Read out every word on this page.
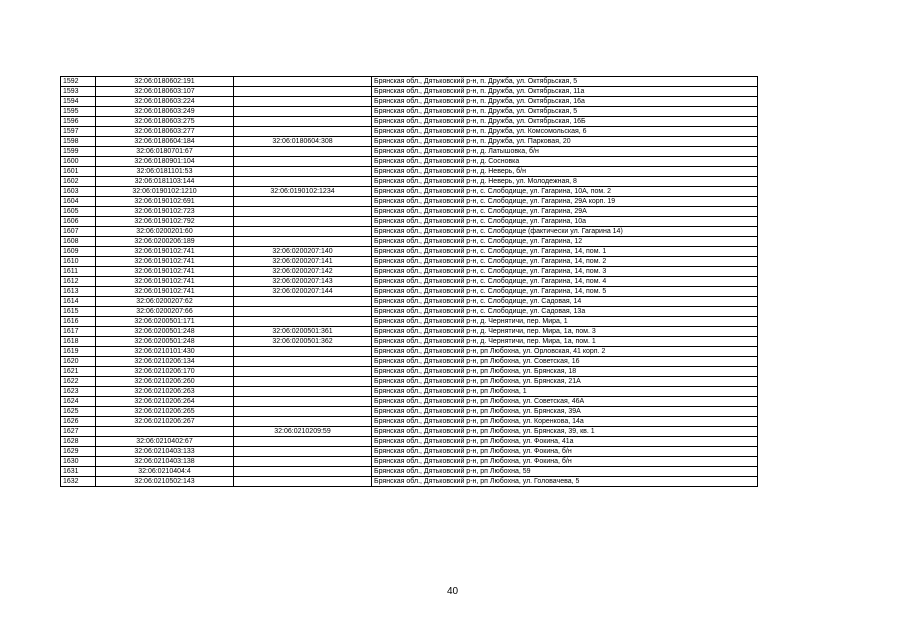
1592	32:06:0180602:191		Брянская обл., Дятьковский р-н, п. Дружба, ул. Октябрьская, 5
1593	32:06:0180603:107		Брянская обл., Дятьковский р-н, п. Дружба, ул. Октябрьская, 11а
1594	32:06:0180603:224		Брянская обл., Дятьковский р-н, п. Дружба, ул. Октябрьская, 16а
1595	32:06:0180603:249		Брянская обл., Дятьковский р-н, п. Дружба, ул. Октябрьская, 5
1596	32:06:0180603:275		Брянская обл., Дятьковский р-н, п. Дружба, ул. Октябрьская, 16Б
1597	32:06:0180603:277		Брянская обл., Дятьковский р-н, п. Дружба, ул. Комсомольская, 6
1598	32:06:0180604:184	32:06:0180604:308	Брянская обл., Дятьковский р-н, п. Дружба, ул. Парковая, 20
1599	32:06:0180701:67		Брянская обл., Дятьковский р-н, д. Латышовка, б/н
1600	32:06:0180901:104		Брянская обл., Дятьковский р-н, д. Сосновка
1601	32:06:0181101:53		Брянская обл., Дятьковский р-н, д. Неверь, б/н
1602	32:06:0181103:144		Брянская обл., Дятьковский р-н, д. Неверь, ул. Молодежная, 8
1603	32:06:0190102:1210	32:06:0190102:1234	Брянская обл., Дятьковский р-н, с. Слободище, ул. Гагарина, 10А, пом. 2
1604	32:06:0190102:691		Брянская обл., Дятьковский р-н, с. Слободище, ул. Гагарина, 29А корп. 19
1605	32:06:0190102:723		Брянская обл., Дятьковский р-н, с. Слободище, ул. Гагарина, 29А
1606	32:06:0190102:792		Брянская обл., Дятьковский р-н, с. Слободище, ул. Гагарина, 10а
1607	32:06:0200201:60		Брянская обл., Дятьковский р-н, с. Слободище (фактически ул. Гагарина 14)
1608	32:06:0200206:189		Брянская обл., Дятьковский р-н, с. Слободище, ул. Гагарина, 12
1609	32:06:0190102:741	32:06:0200207:140	Брянская обл., Дятьковский р-н, с. Слободище, ул. Гагарина, 14, пом. 1
1610	32:06:0190102:741	32:06:0200207:141	Брянская обл., Дятьковский р-н, с. Слободище, ул. Гагарина, 14, пом. 2
1611	32:06:0190102:741	32:06:0200207:142	Брянская обл., Дятьковский р-н, с. Слободище, ул. Гагарина, 14, пом. 3
1612	32:06:0190102:741	32:06:0200207:143	Брянская обл., Дятьковский р-н, с. Слободище, ул. Гагарина, 14, пом. 4
1613	32:06:0190102:741	32:06:0200207:144	Брянская обл., Дятьковский р-н, с. Слободище, ул. Гагарина, 14, пом. 5
1614	32:06:0200207:62		Брянская обл., Дятьковский р-н, с. Слободище, ул. Садовая, 14
1615	32:06:0200207:66		Брянская обл., Дятьковский р-н, с. Слободище, ул. Садовая, 13а
1616	32:06:0200501:171		Брянская обл., Дятьковский р-н, д. Чернятичи, пер. Мира, 1
1617	32:06:0200501:248	32:06:0200501:361	Брянская обл., Дятьковский р-н, д. Чернятичи, пер. Мира, 1а, пом. 3
1618	32:06:0200501:248	32:06:0200501:362	Брянская обл., Дятьковский р-н, д. Чернятичи, пер. Мира, 1а, пом. 1
1619	32:06:0210101:430		Брянская обл., Дятьковский р-н, рп Любохна, ул. Орловская, 41 корп. 2
1620	32:06:0210206:134		Брянская обл., Дятьковский р-н, рп Любохна, ул. Советская, 16
1621	32:06:0210206:170		Брянская обл., Дятьковский р-н, рп Любохна, ул. Брянская, 18
1622	32:06:0210206:260		Брянская обл., Дятьковский р-н, рп Любохна, ул. Брянская, 21А
1623	32:06:0210206:263		Брянская обл., Дятьковский р-н, рп Любохна, 1
1624	32:06:0210206:264		Брянская обл., Дятьковский р-н, рп Любохна, ул. Советская, 46А
1625	32:06:0210206:265		Брянская обл., Дятьковский р-н, рп Любохна, ул. Брянская, 39А
1626	32:06:0210206:267		Брянская обл., Дятьковский р-н, рп Любохна, ул. Коренкова, 14а
1627		32:06:0210209:59	Брянская обл., Дятьковский р-н, рп Любохна, ул. Брянская, 39, кв. 1
1628	32:06:0210402:67		Брянская обл., Дятьковский р-н, рп Любохна, ул. Фокина, 41а
1629	32:06:0210403:133		Брянская обл., Дятьковский р-н, рп Любохна, ул. Фокина, б/н
1630	32:06:0210403:138		Брянская обл., Дятьковский р-н, рп Любохна, ул. Фокина, б/н
1631	32:06:0210404:4		Брянская обл., Дятьковский р-н, рп Любохна, 59
1632	32:06:0210502:143		Брянская обл., Дятьковский р-н, рп Любохна, ул. Головачева, 5
40
